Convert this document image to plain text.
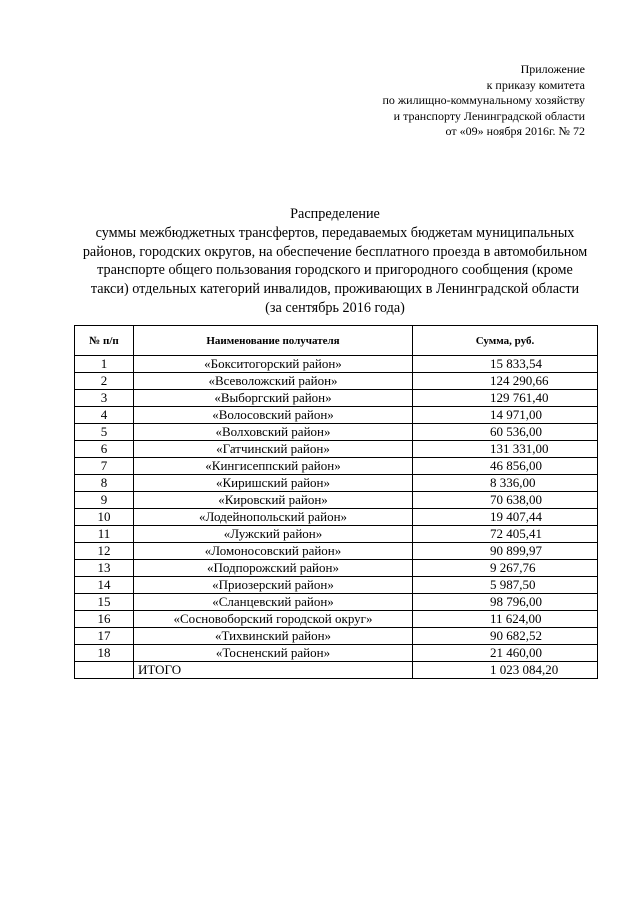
Приложение
к приказу комитета
по жилищно-коммунальному хозяйству
и транспорту Ленинградской области
от «09» ноября 2016г. № 72
Распределение
суммы межбюджетных трансфертов, передаваемых бюджетам муниципальных
районов, городских округов, на обеспечение бесплатного проезда в автомобильном
транспорте общего пользования городского и пригородного сообщения (кроме
такси) отдельных категорий инвалидов, проживающих в Ленинградской области
(за сентябрь 2016 года)
№ п/п	Наименование получателя	Сумма, руб.
1	«Бокситогорский район»	15 833,54
2	«Всеволожский район»	124 290,66
3	«Выборгский район»	129 761,40
4	«Волосовский район»	14 971,00
5	«Волховский район»	60 536,00
6	«Гатчинский район»	131 331,00
7	«Кингисеппский район»	46 856,00
8	«Киришский район»	8 336,00
9	«Кировский район»	70 638,00
10	«Лодейнопольский район»	19 407,44
11	«Лужский район»	72 405,41
12	«Ломоносовский район»	90 899,97
13	«Подпорожский район»	9 267,76
14	«Приозерский район»	5 987,50
15	«Сланцевский район»	98 796,00
16	«Сосновоборский городской округ»	11 624,00
17	«Тихвинский район»	90 682,52
18	«Тосненский район»	21 460,00
	ИТОГО	1 023 084,20
